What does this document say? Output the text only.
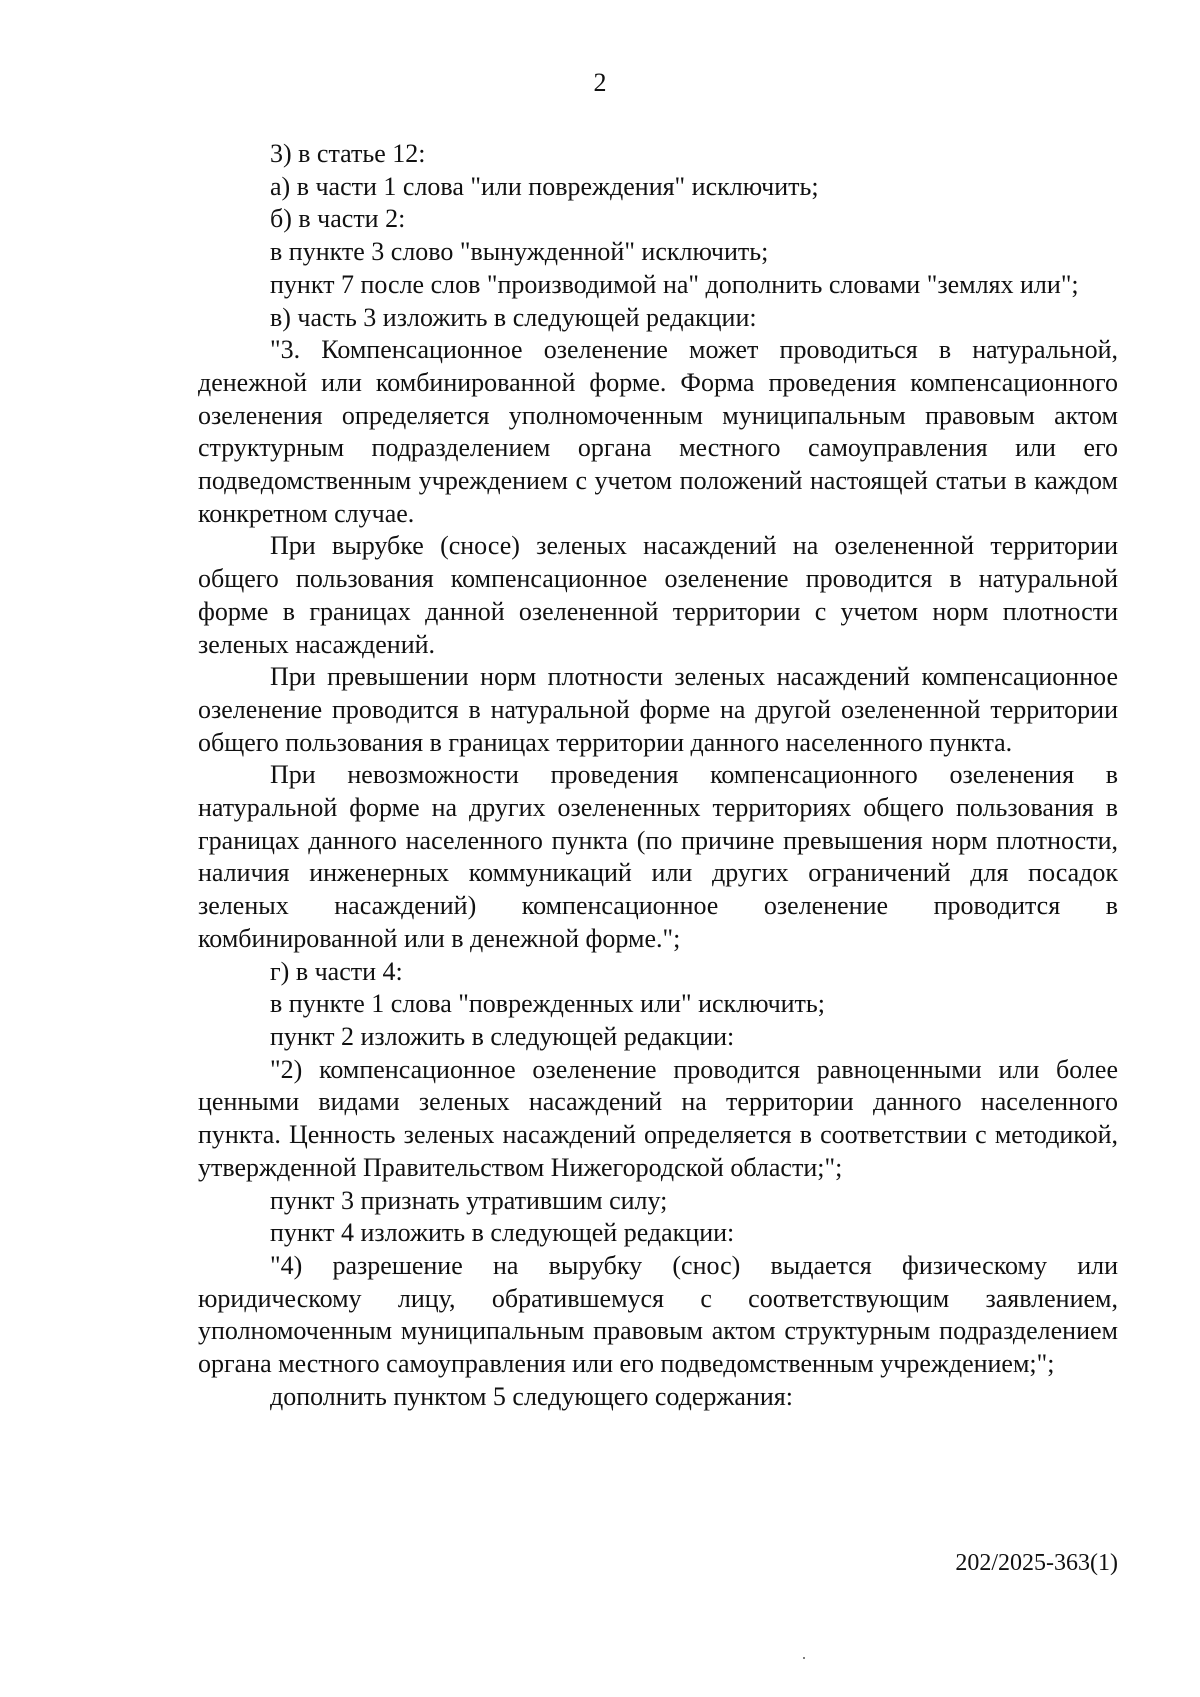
2

3) в статье 12:

а) в части 1 слова "или повреждения" исключить;

б) в части 2:

в пункте 3 слово "вынужденной" исключить;

пункт 7 после слов "производимой на" дополнить словами "землях или";

в) часть 3 изложить в следующей редакции:

"3. Компенсационное озеленение может проводиться в натуральной, денежной или комбинированной форме. Форма проведения компенсационного озеленения определяется уполномоченным муниципальным правовым актом структурным подразделением органа местного самоуправления или его подведомственным учреждением с учетом положений настоящей статьи в каждом конкретном случае.

При вырубке (сносе) зеленых насаждений на озелененной территории общего пользования компенсационное озеленение проводится в натуральной форме в границах данной озелененной территории с учетом норм плотности зеленых насаждений.

При превышении норм плотности зеленых насаждений компенсационное озеленение проводится в натуральной форме на другой озелененной территории общего пользования в границах территории данного населенного пункта.

При невозможности проведения компенсационного озеленения в натуральной форме на других озелененных территориях общего пользования в границах данного населенного пункта (по причине превышения норм плотности, наличия инженерных коммуникаций или других ограничений для посадок зеленых насаждений) компенсационное озеленение проводится в комбинированной или в денежной форме.";

г) в части 4:

в пункте 1 слова "поврежденных или" исключить;

пункт 2 изложить в следующей редакции:

"2) компенсационное озеленение проводится равноценными или более ценными видами зеленых насаждений на территории данного населенного пункта. Ценность зеленых насаждений определяется в соответствии с методикой, утвержденной Правительством Нижегородской области;";

пункт 3 признать утратившим силу;

пункт 4 изложить в следующей редакции:

"4) разрешение на вырубку (снос) выдается физическому или юридическому лицу, обратившемуся с соответствующим заявлением, уполномоченным муниципальным правовым актом структурным подразделением органа местного самоуправления или его подведомственным учреждением;";

дополнить пунктом 5 следующего содержания:

202/2025-363(1)
